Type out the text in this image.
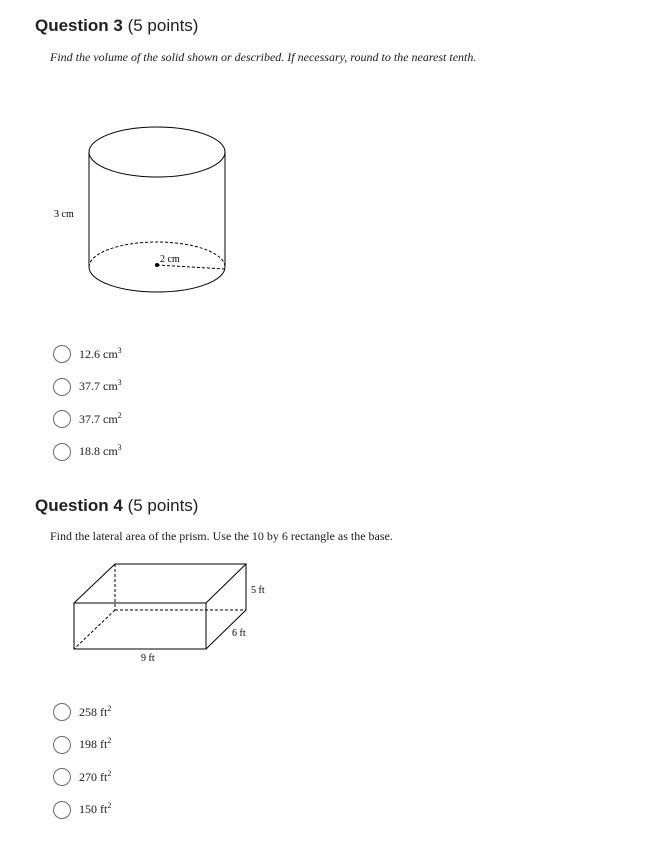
Question 3 (5 points)
Find the volume of the solid shown or described. If necessary, round to the nearest tenth.
2 cm
3 cm
12.6 $cm^3$
37.7 $cm^3$
37.7 $cm^2$
18.8 $cm^3$
Question 4 (5 points)
Find the lateral area of the prism. Use the 10 by 6 rectangle as the base.
5 ft
6 ft
9 ft
258 $ft^2$
198 $ft^2$
270 $ft^2$
150 $ft^2$
